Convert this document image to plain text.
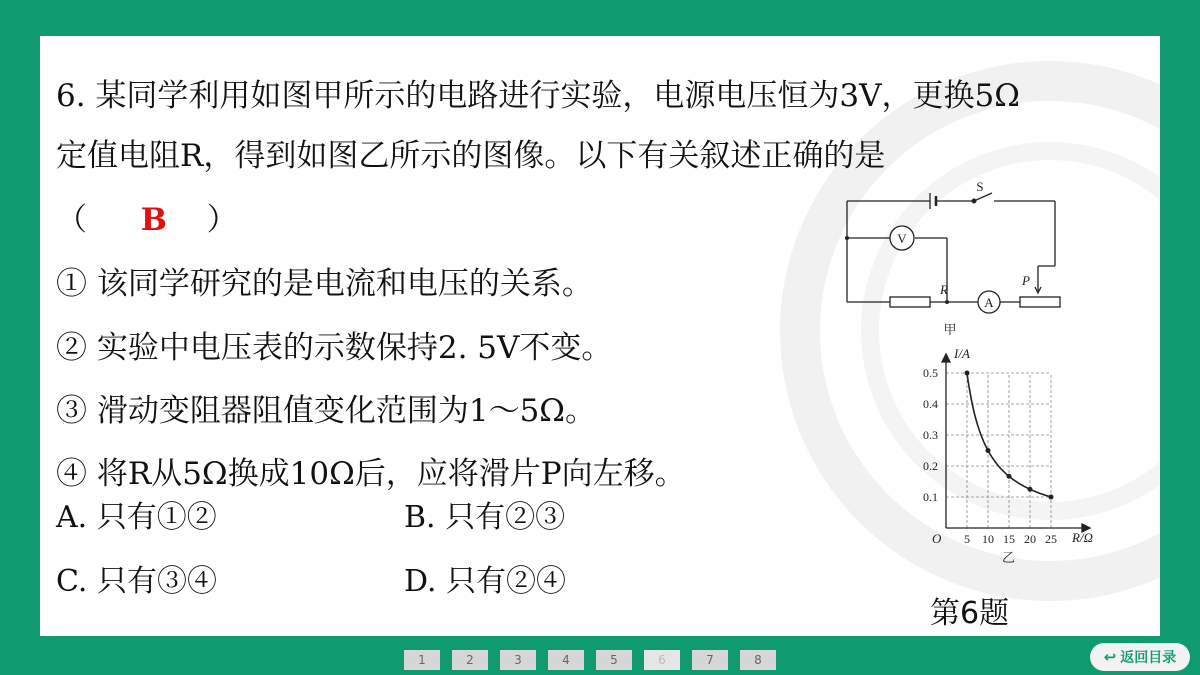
6. 某同学利用如图甲所示的电路进行实验，电源电压恒为3V，更换5Ω
定值电阻R，得到如图乙所示的图像。以下有关叙述正确的是
（ B ）
① 该同学研究的是电流和电压的关系。
② 实验中电压表的示数保持2. 5V不变。
③ 滑动变阻器阻值变化范围为1～5Ω。
④ 将R从5Ω换成10Ω后，应将滑片P向左移。
A. 只有①②	B. 只有②③
C. 只有③④	D. 只有②④
V
A
S
R
P
甲
5 10 15 20 25
0.5
0.4
0.3
0.2
0.1
I/A
R/Ω
O
乙
第6题
1	2	3	4	5	6	7	8	↩ 返回目录
